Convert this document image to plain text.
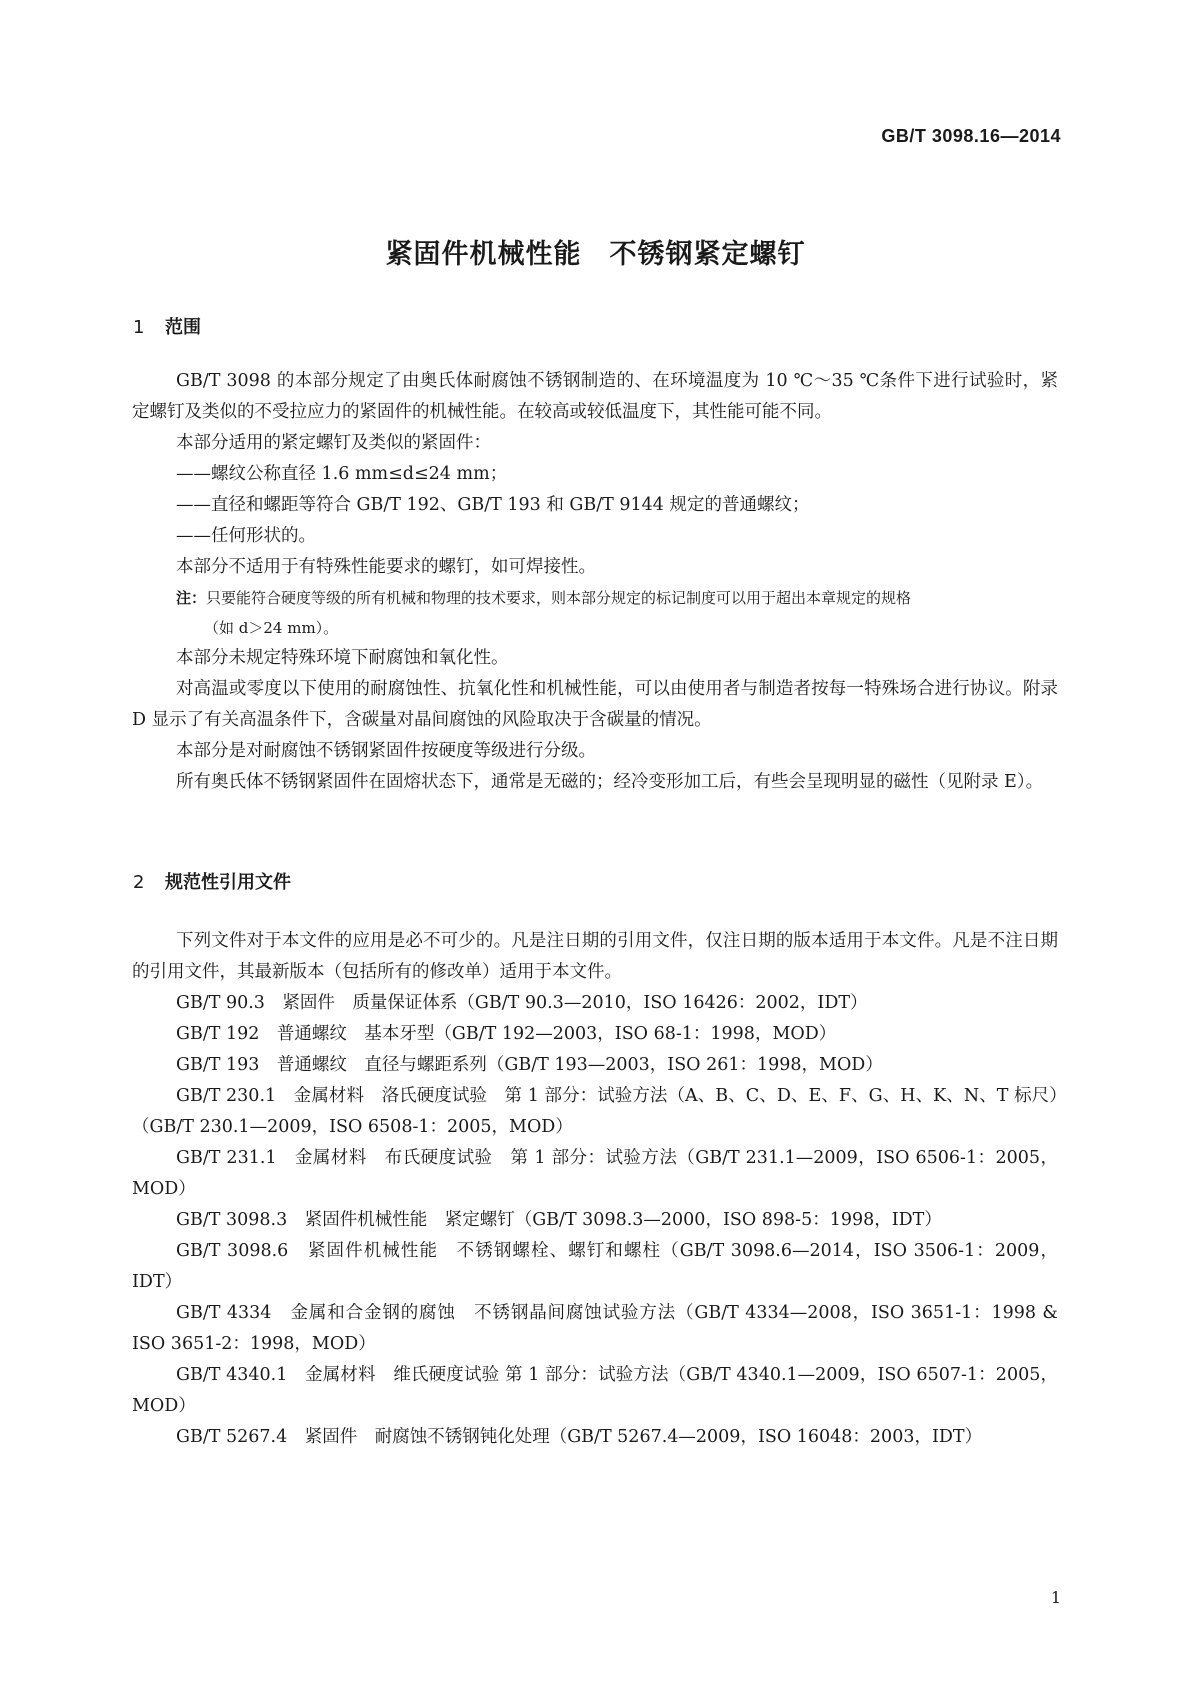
GB/T 3098.16—2014
紧固件机械性能　不锈钢紧定螺钉
1 范围

GB/T 3098 的本部分规定了由奥氏体耐腐蚀不锈钢制造的、在环境温度为 10 ℃～35 ℃条件下进行试验时，紧定螺钉及类似的不受拉应力的紧固件的机械性能。在较高或较低温度下，其性能可能不同。

本部分适用的紧定螺钉及类似的紧固件：

——螺纹公称直径 1.6 mm≤d≤24 mm；

——直径和螺距等符合 GB/T 192、GB/T 193 和 GB/T 9144 规定的普通螺纹；

——任何形状的。

本部分不适用于有特殊性能要求的螺钉，如可焊接性。

注：只要能符合硬度等级的所有机械和物理的技术要求，则本部分规定的标记制度可以用于超出本章规定的规格

（如 d＞24 mm）。

本部分未规定特殊环境下耐腐蚀和氧化性。

对高温或零度以下使用的耐腐蚀性、抗氧化性和机械性能，可以由使用者与制造者按每一特殊场合进行协议。附录 D 显示了有关高温条件下，含碳量对晶间腐蚀的风险取决于含碳量的情况。

本部分是对耐腐蚀不锈钢紧固件按硬度等级进行分级。

所有奥氏体不锈钢紧固件在固熔状态下，通常是无磁的；经冷变形加工后，有些会呈现明显的磁性（见附录 E）。

2 规范性引用文件

下列文件对于本文件的应用是必不可少的。凡是注日期的引用文件，仅注日期的版本适用于本文件。凡是不注日期的引用文件，其最新版本（包括所有的修改单）适用于本文件。

GB/T 90.3　紧固件　质量保证体系（GB/T 90.3—2010，ISO 16426：2002，IDT）

GB/T 192　普通螺纹　基本牙型（GB/T 192—2003，ISO 68-1：1998，MOD）

GB/T 193　普通螺纹　直径与螺距系列（GB/T 193—2003，ISO 261：1998，MOD）

GB/T 230.1　金属材料　洛氏硬度试验　第 1 部分：试验方法（A、B、C、D、E、F、G、H、K、N、T 标尺）（GB/T 230.1—2009，ISO 6508-1：2005，MOD）

GB/T 231.1　金属材料　布氏硬度试验　第 1 部分：试验方法（GB/T 231.1—2009，ISO 6506-1：2005，MOD）

GB/T 3098.3　紧固件机械性能　紧定螺钉（GB/T 3098.3—2000，ISO 898-5：1998，IDT）

GB/T 3098.6　紧固件机械性能　不锈钢螺栓、螺钉和螺柱（GB/T 3098.6—2014，ISO 3506-1：2009，IDT）

GB/T 4334　金属和合金钢的腐蚀　不锈钢晶间腐蚀试验方法（GB/T 4334—2008，ISO 3651-1：1998 & ISO 3651-2：1998，MOD）

GB/T 4340.1　金属材料　维氏硬度试验 第 1 部分：试验方法（GB/T 4340.1—2009，ISO 6507-1：2005，MOD）

GB/T 5267.4　紧固件　耐腐蚀不锈钢钝化处理（GB/T 5267.4—2009，ISO 16048：2003，IDT）

1
